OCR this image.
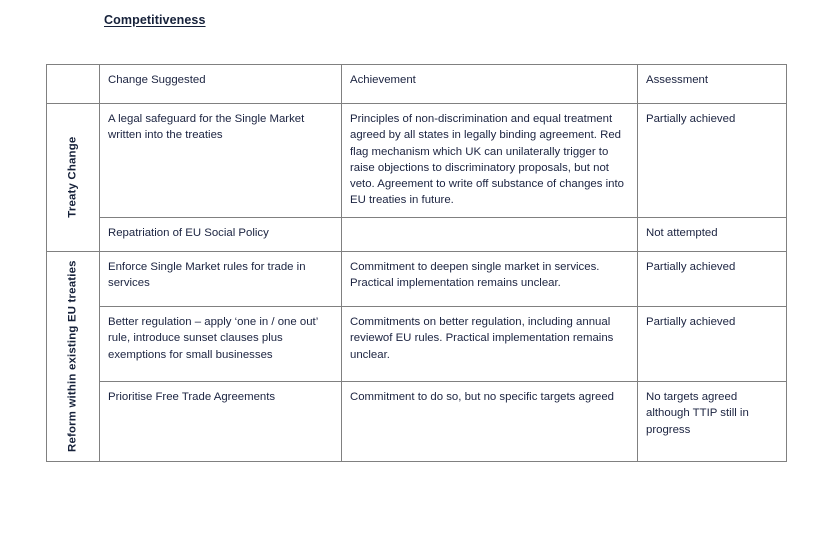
Competitiveness
	Change Suggested	Achievement	Assessment

Treaty Change	A legal safeguard for the Single Market written into the treaties	Principles of non-discrimination and equal treatment agreed by all states in legally binding agreement. Red flag mechanism which UK can unilaterally trigger to raise objections to discriminatory proposals, but not veto. Agreement to write off substance of changes into EU treaties in future.	Partially achieved
	Repatriation of EU Social Policy		Not attempted

Reform within existing EU treaties	Enforce Single Market rules for trade in services	Commitment to deepen single market in services. Practical implementation remains unclear.	Partially achieved
	Better regulation – apply ‘one in / one out’ rule, introduce sunset clauses plus exemptions for small businesses	Commitments on better regulation, including annual reviewof EU rules. Practical implementation remains unclear.	Partially achieved
	Prioritise Free Trade Agreements	Commitment to do so, but no specific targets agreed	No targets agreed although TTIP still in progress
